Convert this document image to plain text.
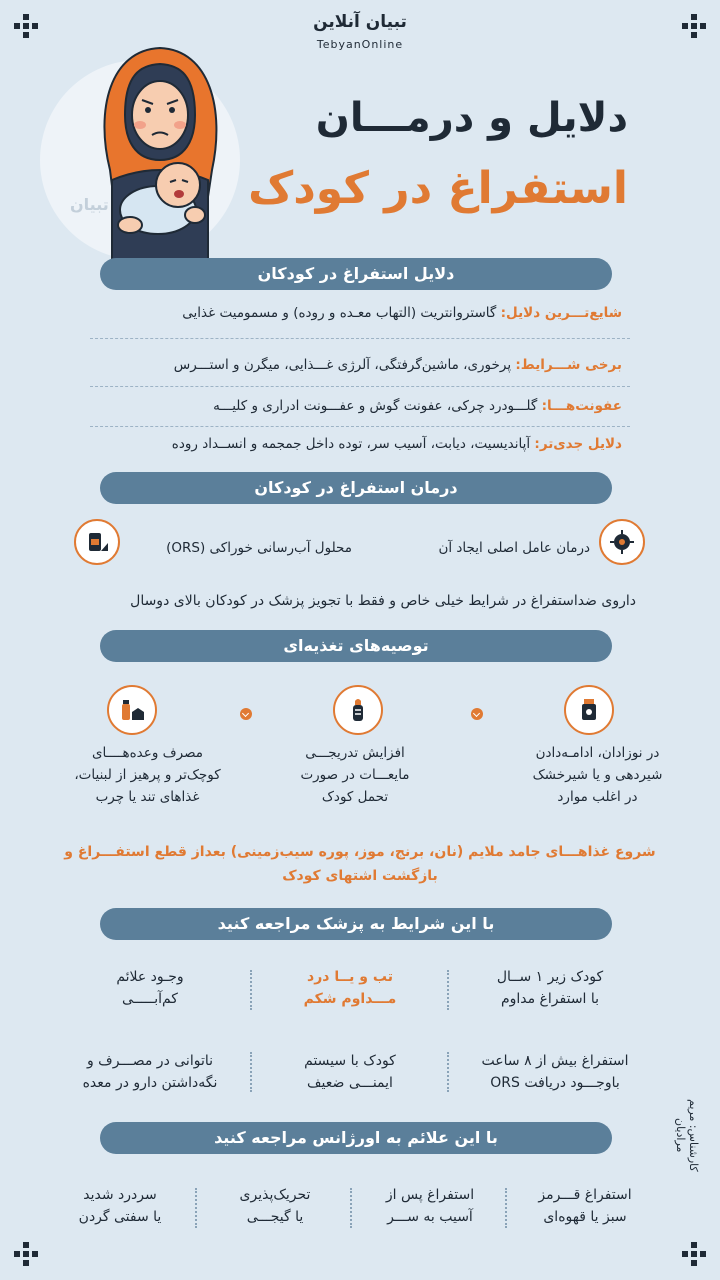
تبیان آنلاین
TebyanOnline
تبیان
دلایل و درمـــان
استفراغ در کودک
دلایل استفراغ در کودکان
شایع‌تـــرین دلایل: گاستروانتریت (التهاب معـده و روده) و مسمومیت غذایی
برخی شـــرایط: پرخوری، ماشین‌گرفتگی، آلرژی غـــذایی، میگرن و استـــرس
عفونت‌هـــا: گلـــودرد چرکی، عفونت گوش و عفـــونت ادراری و کلیـــه
دلایل جدی‌تر: آپاندیسیت، دیابت، آسیب سر، توده داخل جمجمه و انســداد روده
درمان استفراغ در کودکان
درمان عامل اصلی ایجاد آن
محلول آب‌رسانی خوراکی (ORS)
داروی ضداستفراغ در شرایط خیلی خاص و فقط با تجویز پزشک در کودکان بالای دوسال
توصیه‌های تغذیه‌ای
در نوزادان، ادامـه‌دادن
شیردهی و یا شیرخشک
در اغلب موارد
افزایش تدریجـــی
مایعـــات در صورت
تحمل کودک
مصرف وعده‌هــــای
کوچک‌تر و پرهیز از لبنیات،
غذاهای تند یا چرب
شروع غذاهـــای جامد ملایم (نان، برنج، موز، پوره سیب‌زمینی) بعداز قطع استفـــراغ و
بازگشت اشتهای کودک
با این شرایط به پزشک مراجعه کنید
کودک زیر ۱ ســال
با استفراغ مداوم
تب و یــا درد
مـــداوم شکم
وجـود علائم
کم‌آبـــــی
استفراغ بیش از ۸ ساعت
باوجـــود دریافت ORS
کودک با سیستم
ایمنـــی ضعیف
ناتوانی در مصـــرف و
نگه‌داشتن دارو در معده
با این علائم به اورژانس مراجعه کنید
استفراغ قـــرمز
سبز یا قهوه‌ای
استفراغ پس از
آسیب به ســـر
تحریک‌پذیری
یا گیجـــی
سردرد شدید
یا سفتی گردن
کارشناس: مریم مرادیان
